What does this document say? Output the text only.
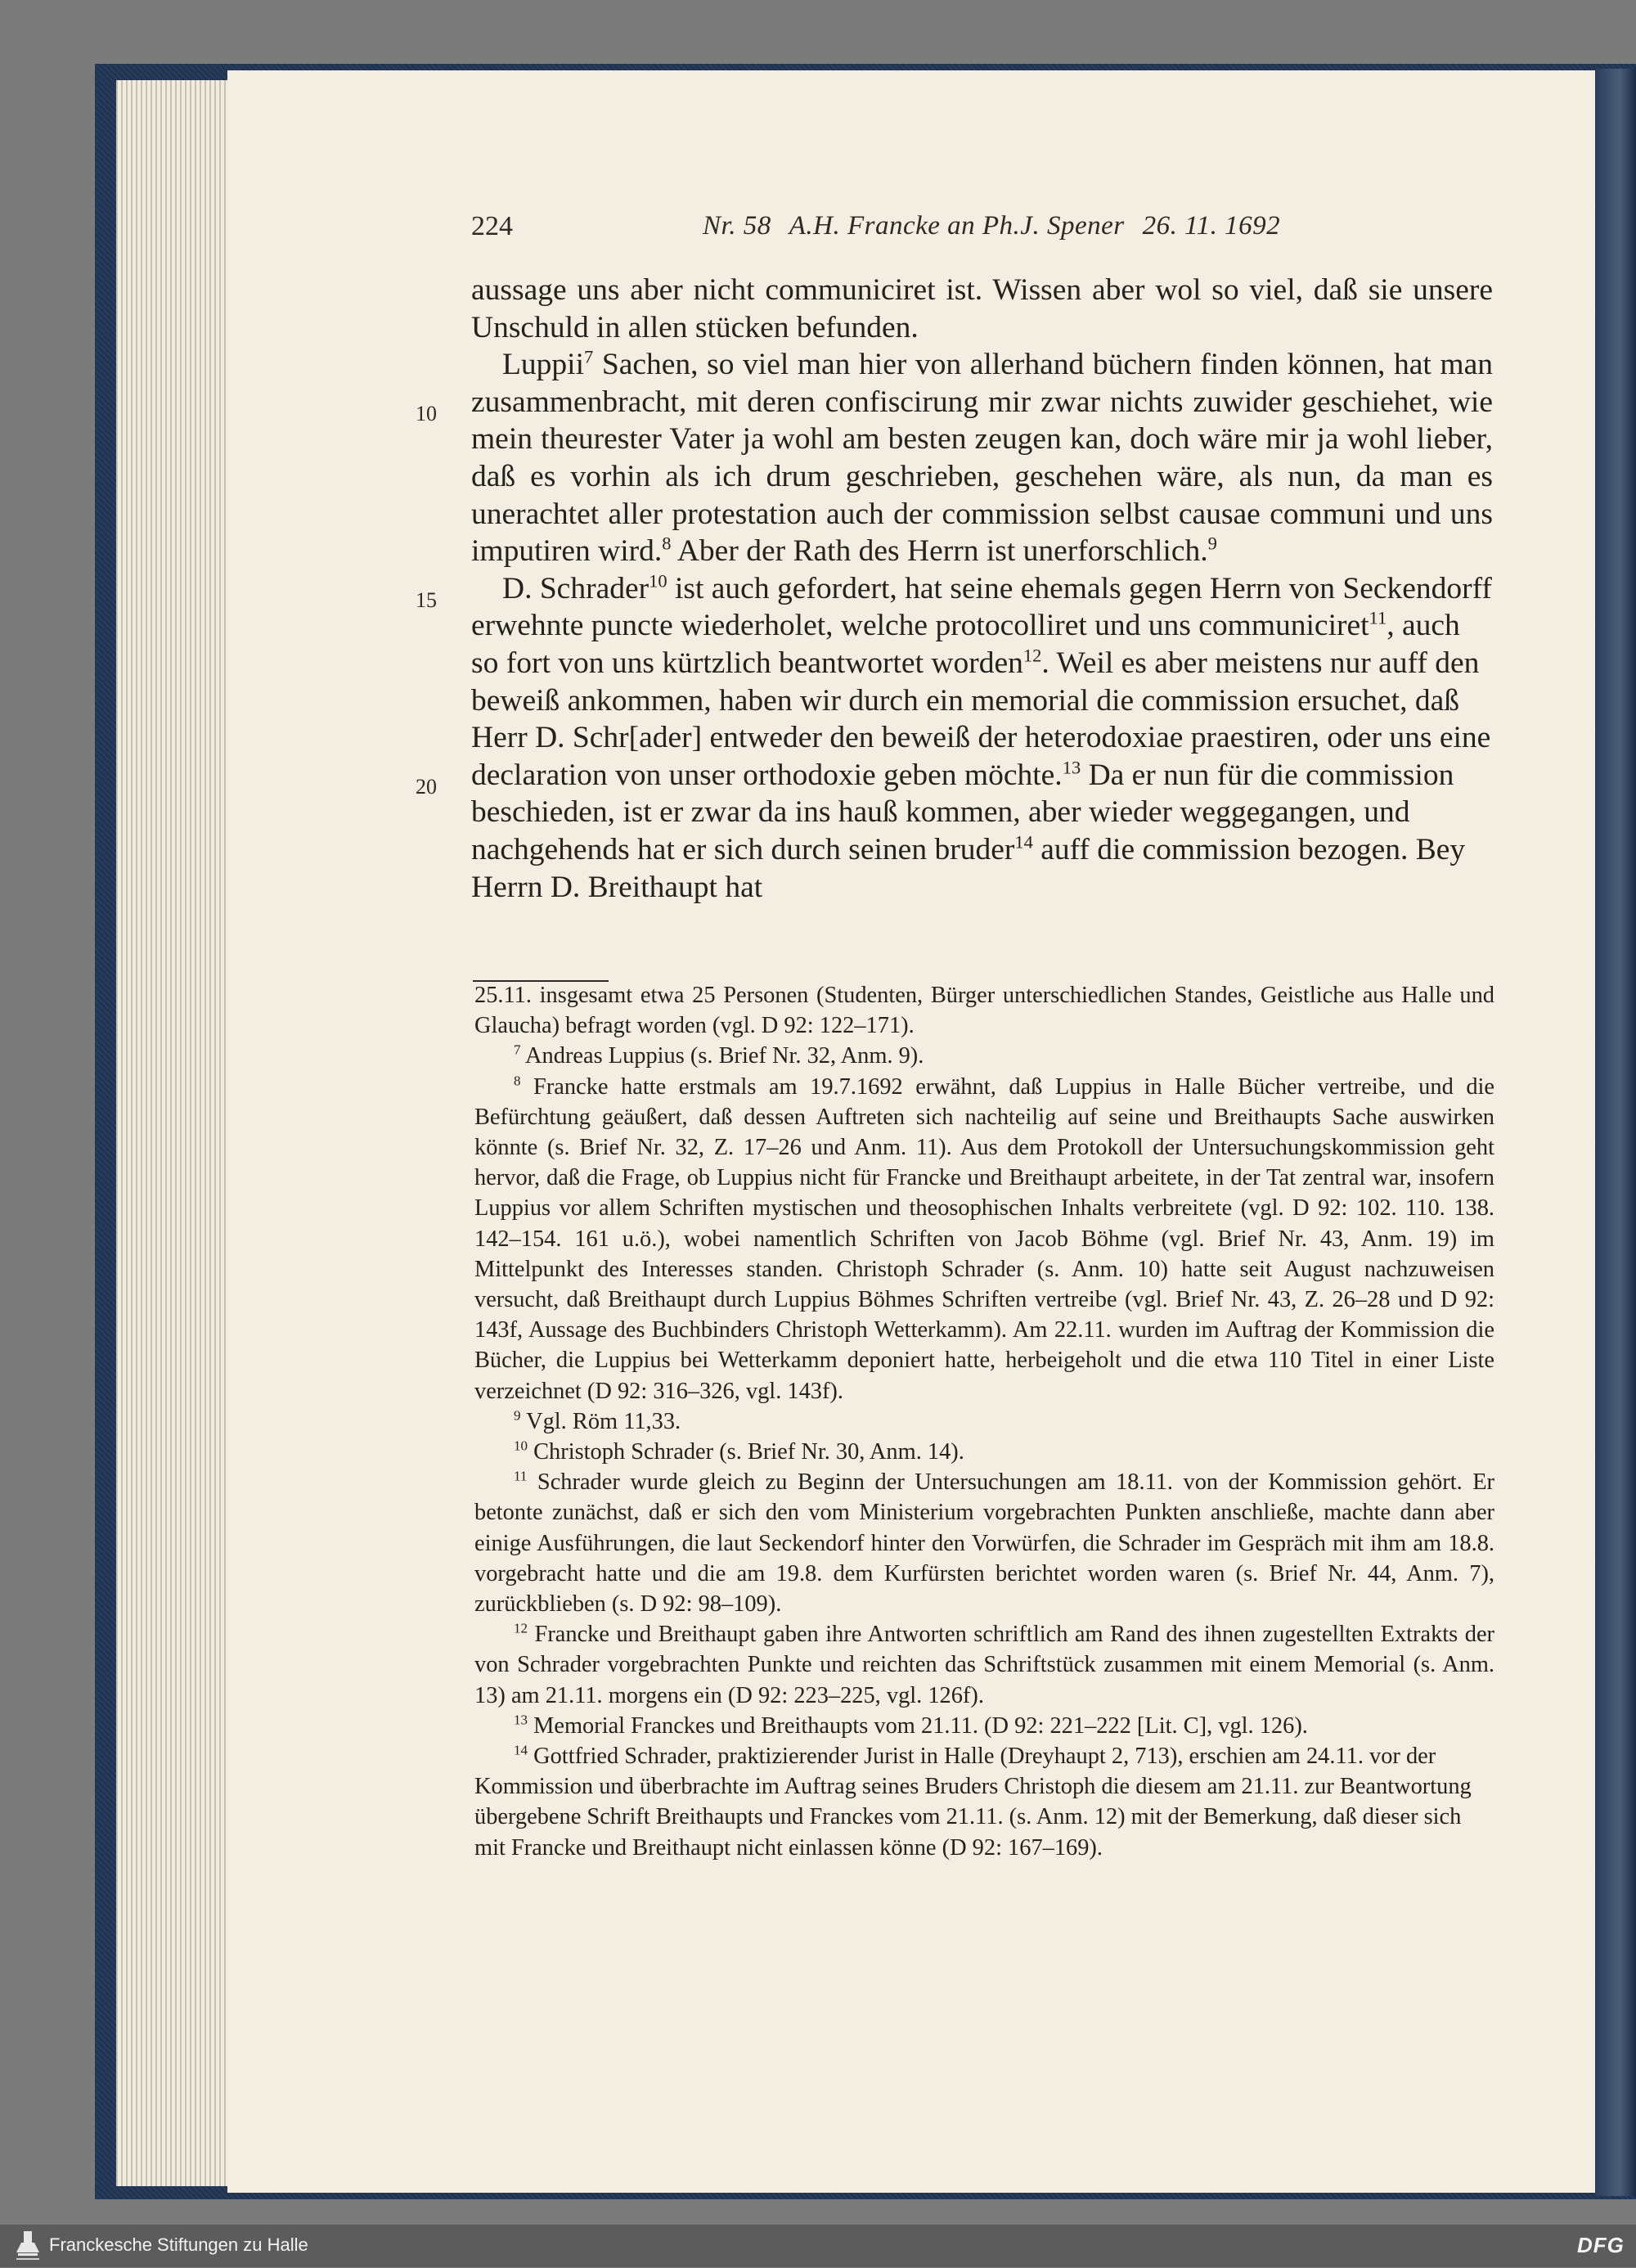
224	Nr. 58 A.H. Francke an Ph.J. Spener 26. 11. 1692
10
15
20

aussage uns aber nicht communiciret ist. Wissen aber wol so viel, daß sie unsere Unschuld in allen stücken befunden.

Luppii$^7$ Sachen, so viel man hier von allerhand büchern finden können, hat man zusammenbracht, mit deren confiscirung mir zwar nichts zuwider geschiehet, wie mein theurester Vater ja wohl am besten zeugen kan, doch wäre mir ja wohl lieber, daß es vorhin als ich drum geschrieben, geschehen wäre, als nun, da man es unerachtet aller protestation auch der commission selbst causae communi und uns imputiren wird.$^8$ Aber der Rath des Herrn ist unerforschlich.$^9$

D. Schrader$^{10}$ ist auch gefordert, hat seine ehemals gegen Herrn von Seckendorff erwehnte puncte wiederholet, welche protocolliret und uns communiciret$^{11}$, auch so fort von uns kürtzlich beantwortet worden$^{12}$. Weil es aber meistens nur auff den beweiß ankommen, haben wir durch ein memorial die commission ersuchet, daß Herr D. Schr[ader] entweder den beweiß der heterodoxiae praestiren, oder uns eine declaration von unser orthodoxie geben möchte.$^{13}$ Da er nun für die commission beschieden, ist er zwar da ins hauß kommen, aber wieder weggegangen, und nachgehends hat er sich durch seinen bruder$^{14}$ auff die commission bezogen. Bey Herrn D. Breithaupt hat

25.11. insgesamt etwa 25 Personen (Studenten, Bürger unterschiedlichen Standes, Geistliche aus Halle und Glaucha) befragt worden (vgl. D 92: 122–171).

$^7$ Andreas Luppius (s. Brief Nr. 32, Anm. 9).

$^8$ Francke hatte erstmals am 19.7.1692 erwähnt, daß Luppius in Halle Bücher vertreibe, und die Befürchtung geäußert, daß dessen Auftreten sich nachteilig auf seine und Breithaupts Sache auswirken könnte (s. Brief Nr. 32, Z. 17–26 und Anm. 11). Aus dem Protokoll der Untersuchungskommission geht hervor, daß die Frage, ob Luppius nicht für Francke und Breithaupt arbeitete, in der Tat zentral war, insofern Luppius vor allem Schriften mystischen und theosophischen Inhalts verbreitete (vgl. D 92: 102. 110. 138. 142–154. 161 u.ö.), wobei namentlich Schriften von Jacob Böhme (vgl. Brief Nr. 43, Anm. 19) im Mittelpunkt des Interesses standen. Christoph Schrader (s. Anm. 10) hatte seit August nachzuweisen versucht, daß Breithaupt durch Luppius Böhmes Schriften vertreibe (vgl. Brief Nr. 43, Z. 26–28 und D 92: 143f, Aussage des Buchbinders Christoph Wetterkamm). Am 22.11. wurden im Auftrag der Kommission die Bücher, die Luppius bei Wetterkamm deponiert hatte, herbeigeholt und die etwa 110 Titel in einer Liste verzeichnet (D 92: 316–326, vgl. 143f).

$^9$ Vgl. Röm 11,33.

$^{10}$ Christoph Schrader (s. Brief Nr. 30, Anm. 14).

$^{11}$ Schrader wurde gleich zu Beginn der Untersuchungen am 18.11. von der Kommission gehört. Er betonte zunächst, daß er sich den vom Ministerium vorgebrachten Punkten anschließe, machte dann aber einige Ausführungen, die laut Seckendorf hinter den Vorwürfen, die Schrader im Gespräch mit ihm am 18.8. vorgebracht hatte und die am 19.8. dem Kurfürsten berichtet worden waren (s. Brief Nr. 44, Anm. 7), zurückblieben (s. D 92: 98–109).

$^{12}$ Francke und Breithaupt gaben ihre Antworten schriftlich am Rand des ihnen zugestellten Extrakts der von Schrader vorgebrachten Punkte und reichten das Schriftstück zusammen mit einem Memorial (s. Anm. 13) am 21.11. morgens ein (D 92: 223–225, vgl. 126f).

$^{13}$ Memorial Franckes und Breithaupts vom 21.11. (D 92: 221–222 [Lit. C], vgl. 126).

$^{14}$ Gottfried Schrader, praktizierender Jurist in Halle (Dreyhaupt 2, 713), erschien am 24.11. vor der Kommission und überbrachte im Auftrag seines Bruders Christoph die diesem am 21.11. zur Beantwortung übergebene Schrift Breithaupts und Franckes vom 21.11. (s. Anm. 12) mit der Bemerkung, daß dieser sich mit Francke und Breithaupt nicht einlassen könne (D 92: 167–169).

Franckesche Stiftungen zu Halle	DFG
